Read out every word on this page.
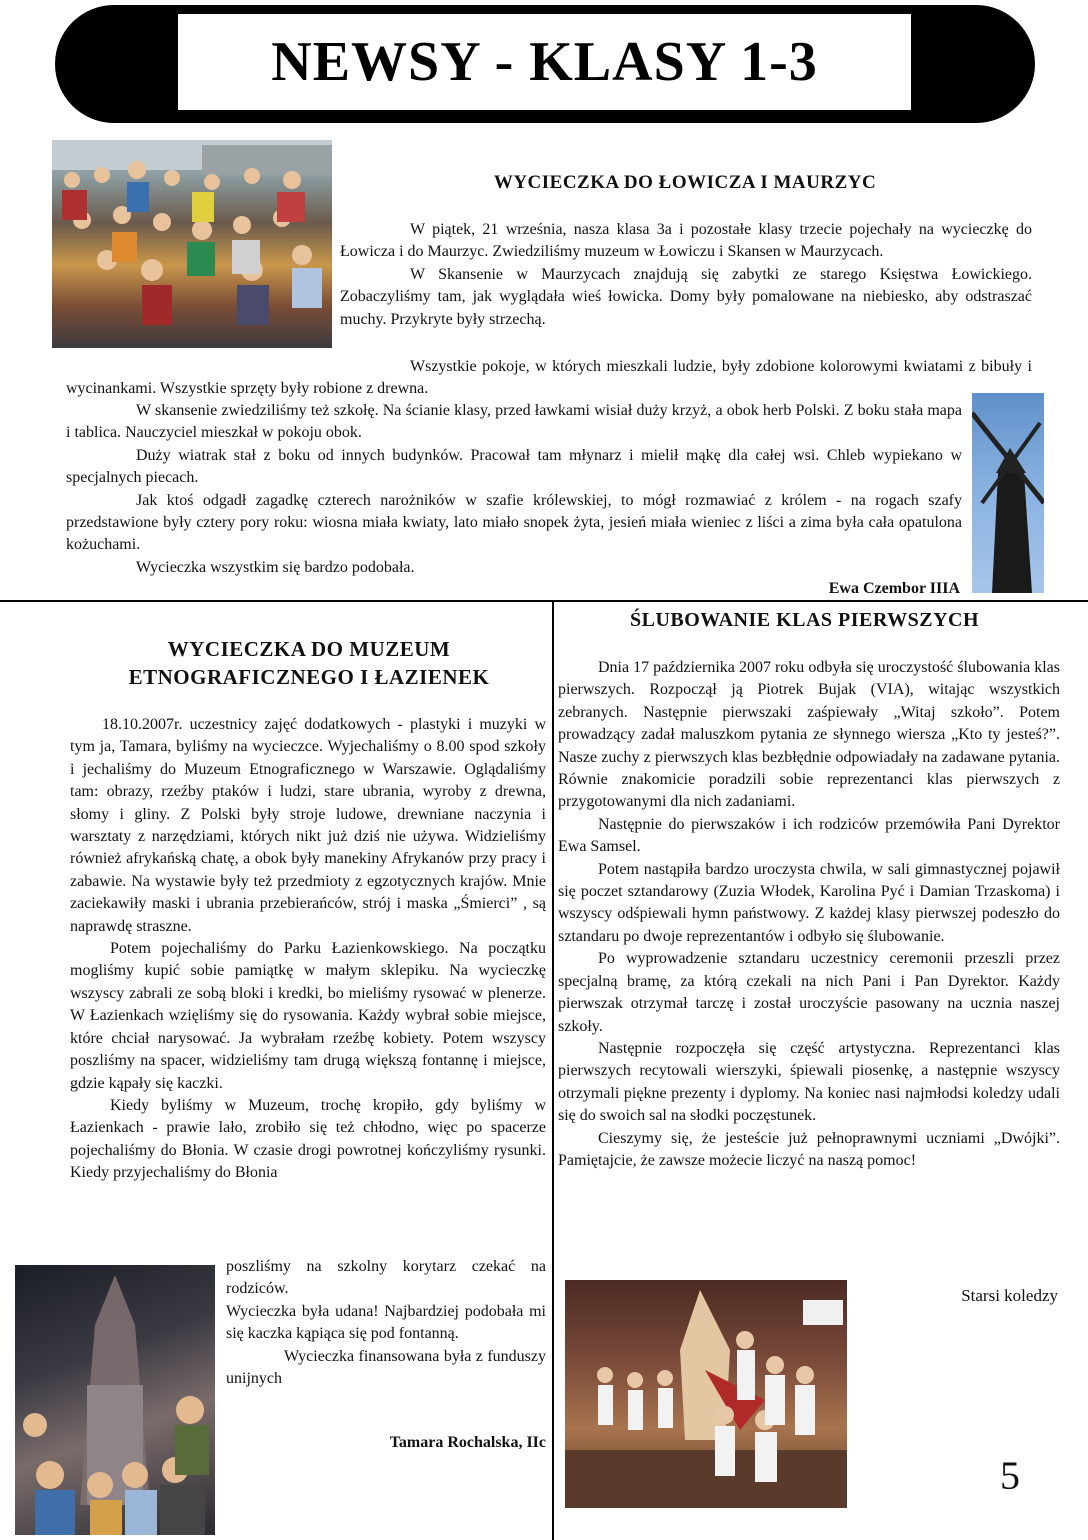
NEWSY - KLASY 1-3
WYCIECZKA DO ŁOWICZA I MAURZYC

W piątek, 21 września, nasza klasa 3a i pozostałe klasy trzecie pojechały na wycieczkę do Łowicza i do Maurzyc. Zwiedziliśmy muzeum w Łowiczu i Skansen w Maurzycach.

W Skansenie w Maurzycach znajdują się zabytki ze starego Księstwa Łowickiego. Zobaczyliśmy tam, jak wyglądała wieś łowicka. Domy były pomalowane na niebiesko, aby odstraszać muchy. Przykryte były strzechą.

Wszystkie pokoje, w których mieszkali ludzie, były zdobione kolorowymi kwiatami z bibuły i wycinankami. Wszystkie sprzęty były robione z drewna.

W skansenie zwiedziliśmy też szkołę. Na ścianie klasy, przed ławkami wisiał duży krzyż, a obok herb Polski. Z boku stała mapa i tablica. Nauczyciel mieszkał w pokoju obok.

Duży wiatrak stał z boku od innych budynków. Pracował tam młynarz i mielił mąkę dla całej wsi. Chleb wypiekano w specjalnych piecach.

Jak ktoś odgadł zagadkę czterech narożników w szafie królewskiej, to mógł rozmawiać z królem - na rogach szafy przedstawione były cztery pory roku: wiosna miała kwiaty, lato miało snopek żyta, jesień miała wieniec z liści a zima była cała opatulona kożuchami.

Wycieczka wszystkim się bardzo podobała.

Ewa Czembor IIIA
WYCIECZKA DO MUZEUM
ETNOGRAFICZNEGO I ŁAZIENEK

18.10.2007r. uczestnicy zajęć dodatkowych - plastyki i muzyki w tym ja, Tamara, byliśmy na wycieczce. Wyjechaliśmy o 8.00 spod szkoły i jechaliśmy do Muzeum Etnograficznego w Warszawie. Oglądaliśmy tam: obrazy, rzeźby ptaków i ludzi, stare ubrania, wyroby z drewna, słomy i gliny. Z Polski były stroje ludowe, drewniane naczynia i warsztaty z narzędziami, których nikt już dziś nie używa. Widzieliśmy również afrykańską chatę, a obok były manekiny Afrykanów przy pracy i zabawie. Na wystawie były też przedmioty z egzotycznych krajów. Mnie zaciekawiły maski i ubrania przebierańców, strój i maska „Śmierci” , są naprawdę straszne.

Potem pojechaliśmy do Parku Łazienkowskiego. Na początku mogliśmy kupić sobie pamiątkę w małym sklepiku. Na wycieczkę wszyscy zabrali ze sobą bloki i kredki, bo mieliśmy rysować w plenerze. W Łazienkach wzięliśmy się do rysowania. Każdy wybrał sobie miejsce, które chciał narysować. Ja wybrałam rzeźbę kobiety. Potem wszyscy poszliśmy na spacer, widzieliśmy tam drugą większą fontannę i miejsce, gdzie kąpały się kaczki.

Kiedy byliśmy w Muzeum, trochę kropiło, gdy byliśmy w Łazienkach - prawie lało, zrobiło się też chłodno, więc po spacerze pojechaliśmy do Błonia. W czasie drogi powrotnej kończyliśmy rysunki. Kiedy przyjechaliśmy do Błonia

poszliśmy na szkolny korytarz czekać na rodziców.

Wycieczka była udana! Najbardziej podobała mi się kaczka kąpiąca się pod fontanną.

Wycieczka finansowana była z funduszy unijnych

Tamara Rochalska, IIc
ŚLUBOWANIE KLAS PIERWSZYCH

Dnia 17 października 2007 roku odbyła się uroczystość ślubowania klas pierwszych. Rozpoczął ją Piotrek Bujak (VIA), witając wszystkich zebranych. Następnie pierwszaki zaśpiewały „Witaj szkoło”. Potem prowadzący zadał maluszkom pytania ze słynnego wiersza „Kto ty jesteś?”. Nasze zuchy z pierwszych klas bezbłędnie odpowiadały na zadawane pytania. Równie znakomicie poradzili sobie reprezentanci klas pierwszych z przygotowanymi dla nich zadaniami.

Następnie do pierwszaków i ich rodziców przemówiła Pani Dyrektor Ewa Samsel.

Potem nastąpiła bardzo uroczysta chwila, w sali gimnastycznej pojawił się poczet sztandarowy (Zuzia Włodek, Karolina Pyć i Damian Trzaskoma) i wszyscy odśpiewali hymn państwowy. Z każdej klasy pierwszej podeszło do sztandaru po dwoje reprezentantów i odbyło się ślubowanie.

Po wyprowadzenie sztandaru uczestnicy ceremonii przeszli przez specjalną bramę, za którą czekali na nich Pani i Pan Dyrektor. Każdy pierwszak otrzymał tarczę i został uroczyście pasowany na ucznia naszej szkoły.

Następnie rozpoczęła się część artystyczna. Reprezentanci klas pierwszych recytowali wierszyki, śpiewali piosenkę, a następnie wszyscy otrzymali piękne prezenty i dyplomy. Na koniec nasi najmłodsi koledzy udali się do swoich sal na słodki poczęstunek.

Cieszymy się, że jesteście już pełnoprawnymi uczniami „Dwójki”. Pamiętajcie, że zawsze możecie liczyć na naszą pomoc!

Starsi koledzy
5
